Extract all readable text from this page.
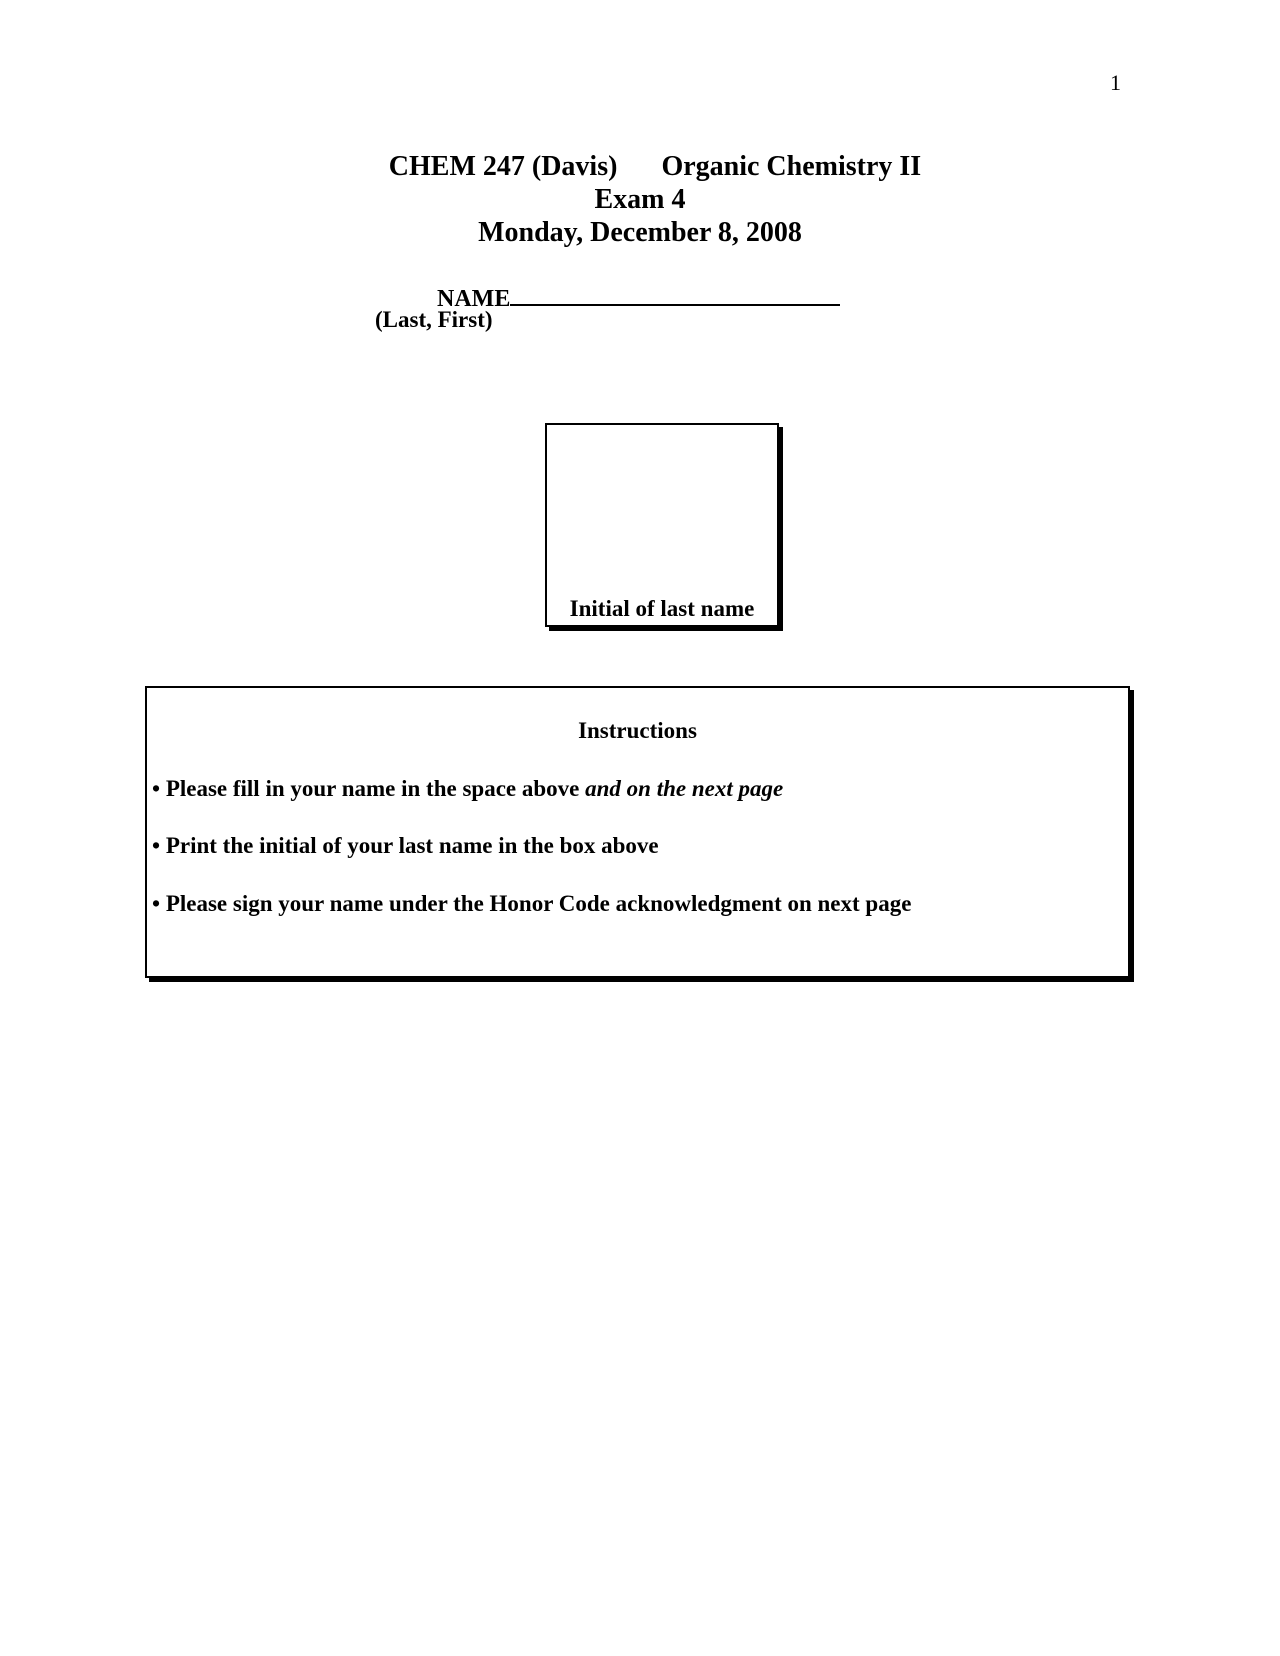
1
CHEM 247 (Davis) Organic Chemistry II
Exam 4
Monday, December 8, 2008
NAME
(Last, First)
Initial of last name
Instructions
• Please fill in your name in the space above and on the next page
• Print the initial of your last name in the box above
• Please sign your name under the Honor Code acknowledgment on next page
